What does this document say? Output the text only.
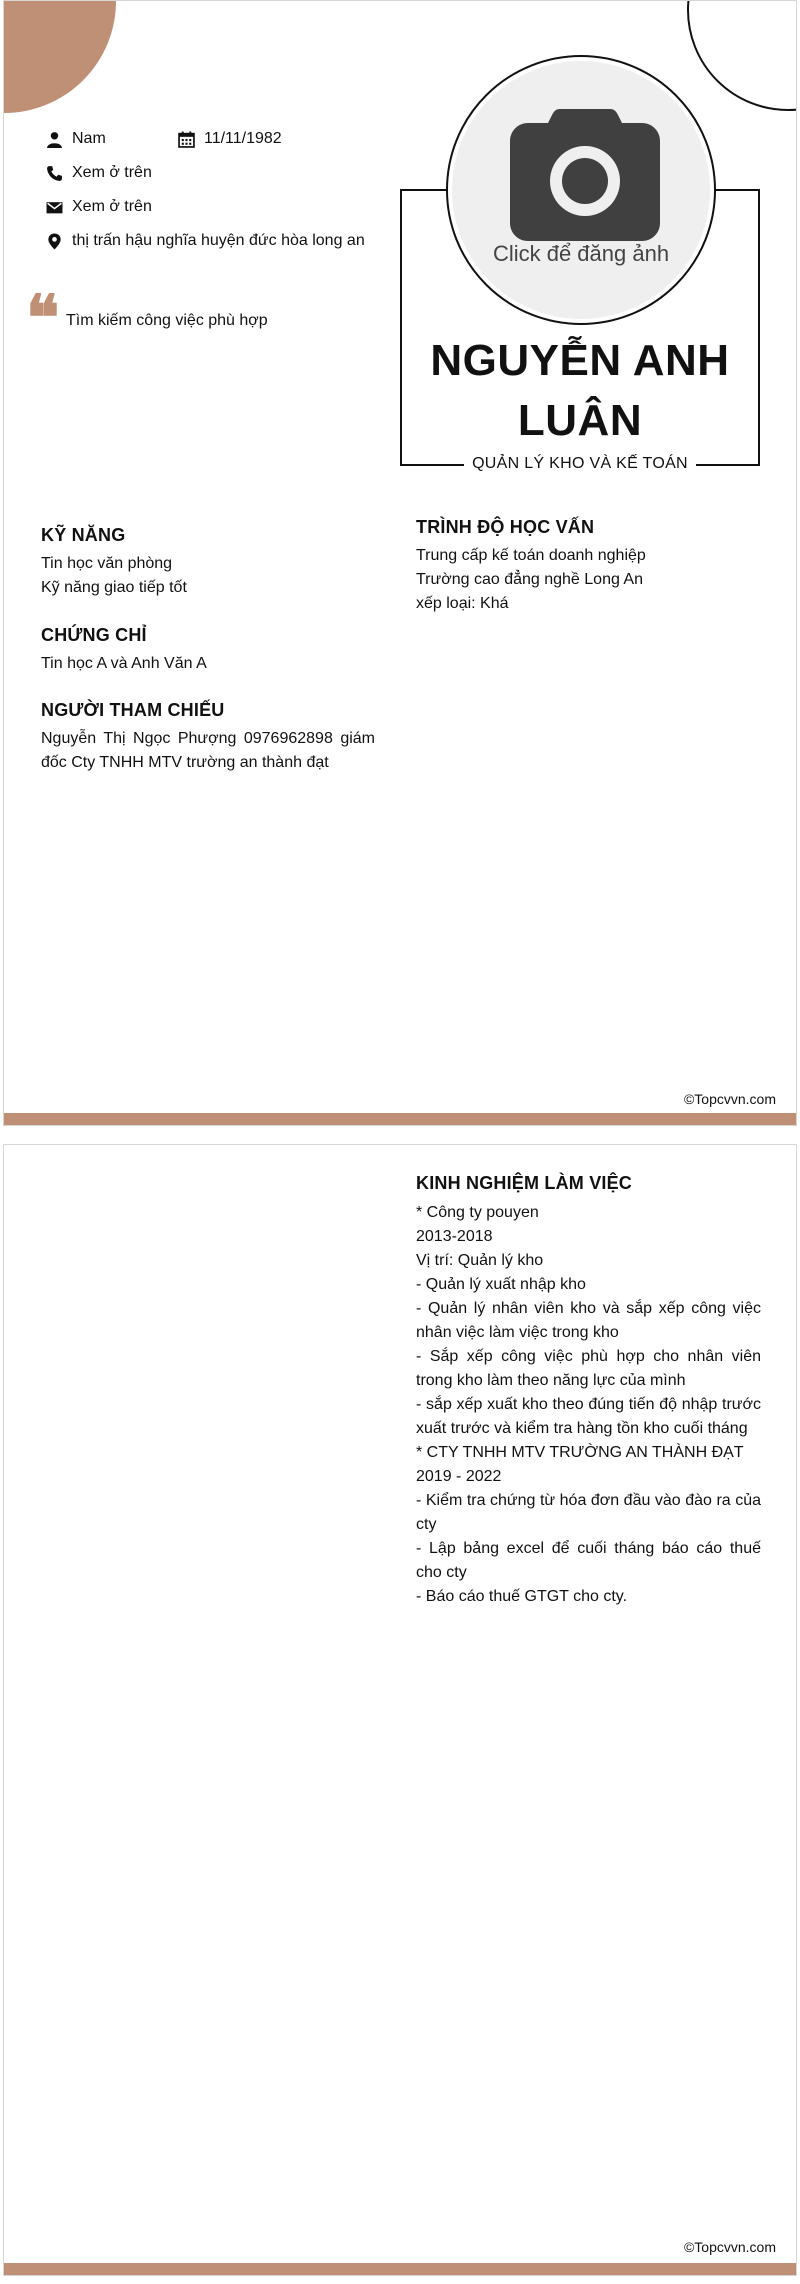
Nam	11/11/1982
Xem ở trên
Xem ở trên
thị trấn hậu nghĩa huyện đức hòa long an
❝ Tìm kiếm công việc phù hợp
NGUYỄN ANH
LUÂN
QUẢN LÝ KHO VÀ KẾ TOÁN
Click để đăng ảnh
KỸ NĂNG
Tin học văn phòng
Kỹ năng giao tiếp tốt
CHỨNG CHỈ
Tin học A và Anh Văn A
NGƯỜI THAM CHIẾU
Nguyễn Thị Ngọc Phượng 0976962898 giám đốc Cty TNHH MTV trường an thành đạt
TRÌNH ĐỘ HỌC VẤN
Trung cấp kế toán doanh nghiệp
Trường cao đẳng nghề Long An
xếp loại: Khá
©Topcvvn.com
KINH NGHIỆM LÀM VIỆC
* Công ty pouyen
2013-2018
Vị trí: Quản lý kho
- Quản lý xuất nhập kho
- Quản lý nhân viên kho và sắp xếp công việc nhân việc làm việc trong kho
- Sắp xếp công việc phù hợp cho nhân viên trong kho làm theo năng lực của mình
- sắp xếp xuất kho theo đúng tiến độ nhập trước xuất trước và kiểm tra hàng tồn kho cuối tháng
* CTY TNHH MTV TRƯỜNG AN THÀNH ĐẠT
2019 - 2022
- Kiểm tra chứng từ hóa đơn đầu vào đào ra của cty
- Lập bảng excel để cuối tháng báo cáo thuế cho cty
- Báo cáo thuế GTGT cho cty.
©Topcvvn.com
